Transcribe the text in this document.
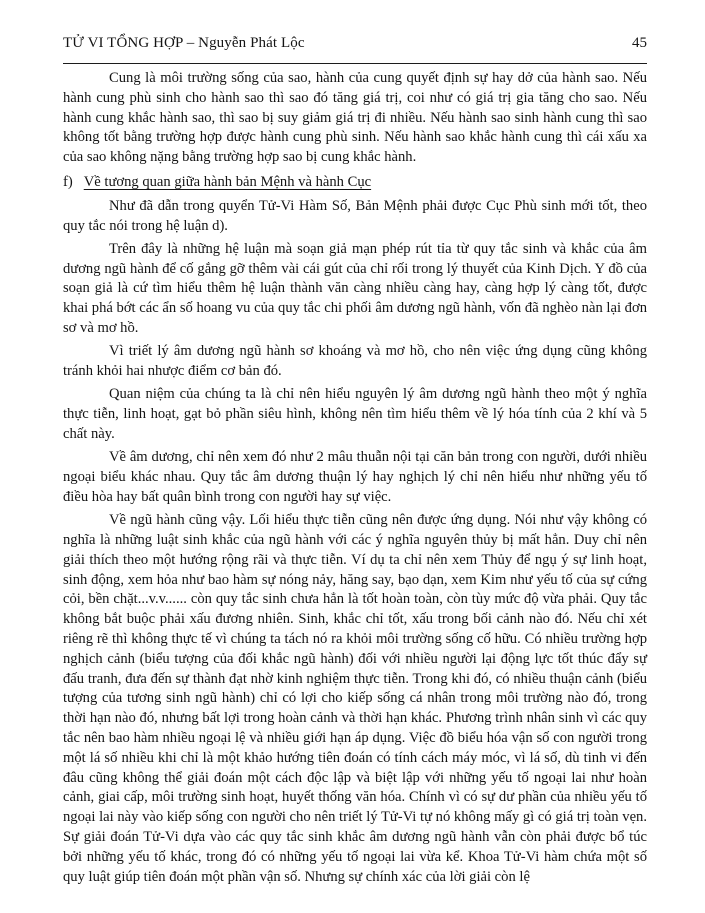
TỬ VI TỔNG HỢP – Nguyễn Phát Lộc	45

Cung là môi trường sống của sao, hành của cung quyết định sự hay dở của hành sao. Nếu hành cung phù sinh cho hành sao thì sao đó tăng giá trị, coi như có giá trị gia tăng cho sao. Nếu hành cung khắc hành sao, thì sao bị suy giảm giá trị đi nhiều. Nếu hành sao sinh hành cung thì sao không tốt bằng trường hợp được hành cung phù sinh. Nếu hành sao khắc hành cung thì cái xấu xa của sao không nặng bằng trường hợp sao bị cung khắc hành.

f) Về tương quan giữa hành bản Mệnh và hành Cục

Như đã dẫn trong quyển Tử-Vi Hàm Số, Bản Mệnh phải được Cục Phù sinh mới tốt, theo quy tắc nói trong hệ luận d).

Trên đây là những hệ luận mà soạn giả mạn phép rút tỉa từ quy tắc sinh và khắc của âm dương ngũ hành để cố gắng gỡ thêm vài cái gút của chỉ rối trong lý thuyết của Kinh Dịch. Y đồ của soạn giả là cứ tìm hiểu thêm hệ luận thành văn càng nhiều càng hay, càng hợp lý càng tốt, được khai phá bớt các ẩn số hoang vu của quy tắc chi phối âm dương ngũ hành, vốn đã nghèo nàn lại đơn sơ và mơ hồ.

Vì triết lý âm dương ngũ hành sơ khoáng và mơ hồ, cho nên việc ứng dụng cũng không tránh khỏi hai nhược điểm cơ bản đó.

Quan niệm của chúng ta là chỉ nên hiểu nguyên lý âm dương ngũ hành theo một ý nghĩa thực tiễn, linh hoạt, gạt bỏ phần siêu hình, không nên tìm hiểu thêm về lý hóa tính của 2 khí và 5 chất này.

Về âm dương, chỉ nên xem đó như 2 mâu thuẫn nội tại căn bản trong con người, dưới nhiều ngoại biểu khác nhau. Quy tắc âm dương thuận lý hay nghịch lý chỉ nên hiểu như những yếu tố điều hòa hay bất quân bình trong con người hay sự việc.

Về ngũ hành cũng vậy. Lối hiểu thực tiễn cũng nên được ứng dụng. Nói như vậy không có nghĩa là những luật sinh khắc của ngũ hành với các ý nghĩa nguyên thủy bị mất hẳn. Duy chỉ nên giải thích theo một hướng rộng rãi và thực tiễn. Ví dụ ta chỉ nên xem Thủy để ngụ ý sự linh hoạt, sinh động, xem hỏa như bao hàm sự nóng nảy, hăng say, bạo dạn, xem Kim như yếu tố của sự cứng cỏi, bền chặt...v.v...... còn quy tắc sinh chưa hẳn là tốt hoàn toàn, còn tùy mức độ vừa phải. Quy tắc không bắt buộc phải xấu đương nhiên. Sinh, khắc chỉ tốt, xấu trong bối cảnh nào đó. Nếu chỉ xét riêng rẽ thì không thực tế vì chúng ta tách nó ra khỏi môi trường sống cố hữu. Có nhiều trường hợp nghịch cảnh (biểu tượng của đối khắc ngũ hành) đối với nhiều người lại động lực tốt thúc đẩy sự đấu tranh, đưa đến sự thành đạt nhờ kinh nghiệm thực tiễn. Trong khi đó, có nhiều thuận cảnh (biểu tượng của tương sinh ngũ hành) chỉ có lợi cho kiếp sống cá nhân trong môi trường nào đó, trong thời hạn nào đó, nhưng bất lợi trong hoàn cảnh và thời hạn khác. Phương trình nhân sinh vì các quy tắc nên bao hàm nhiều ngoại lệ và nhiều giới hạn áp dụng. Việc đồ biểu hóa vận số con người trong một lá số nhiều khi chỉ là một khảo hướng tiên đoán có tính cách máy móc, vì lá số, dù tinh vi đến đâu cũng không thể giải đoán một cách độc lập và biệt lập với những yếu tố ngoại lai như hoàn cảnh, giai cấp, môi trường sinh hoạt, huyết thống văn hóa. Chính vì có sự dư phần của nhiều yếu tố ngoại lai này vào kiếp sống con người cho nên triết lý Tử-Vi tự nó không mấy gì có giá trị toàn vẹn. Sự giải đoán Tử-Vi dựa vào các quy tắc sinh khắc âm dương ngũ hành vẫn còn phải được bổ túc bởi những yếu tố khác, trong đó có những yếu tố ngoại lai vừa kể. Khoa Tử-Vi hàm chứa một số quy luật giúp tiên đoán một phần vận số. Nhưng sự chính xác của lời giải còn lệ
